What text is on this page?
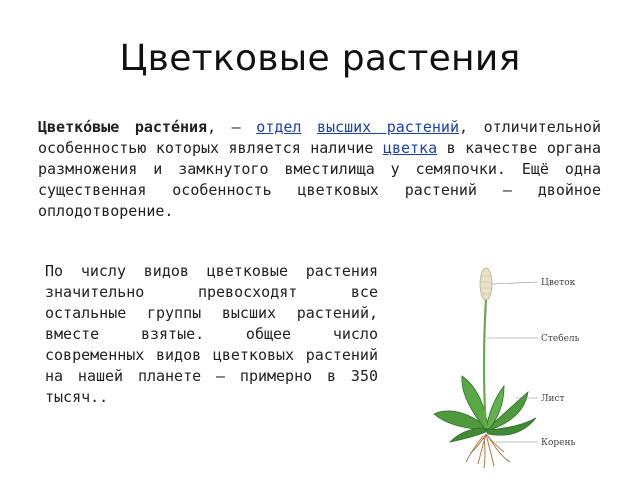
Цветковые растения

Цветко́вые расте́ния, — отдел высших растений, отличительной особенностью которых является наличие цветка в качестве органа размножения и замкнутого вместилища у семяпочки. Ещё одна существенная особенность цветковых растений — двойное оплодотворение.

По числу видов цветковые растения значительно превосходят все остальные группы высших растений, вместе взятые. общее число современных видов цветковых растений на нашей планете — примерно в 350 тысяч..

Цветок
Стебель
Лист
Корень
